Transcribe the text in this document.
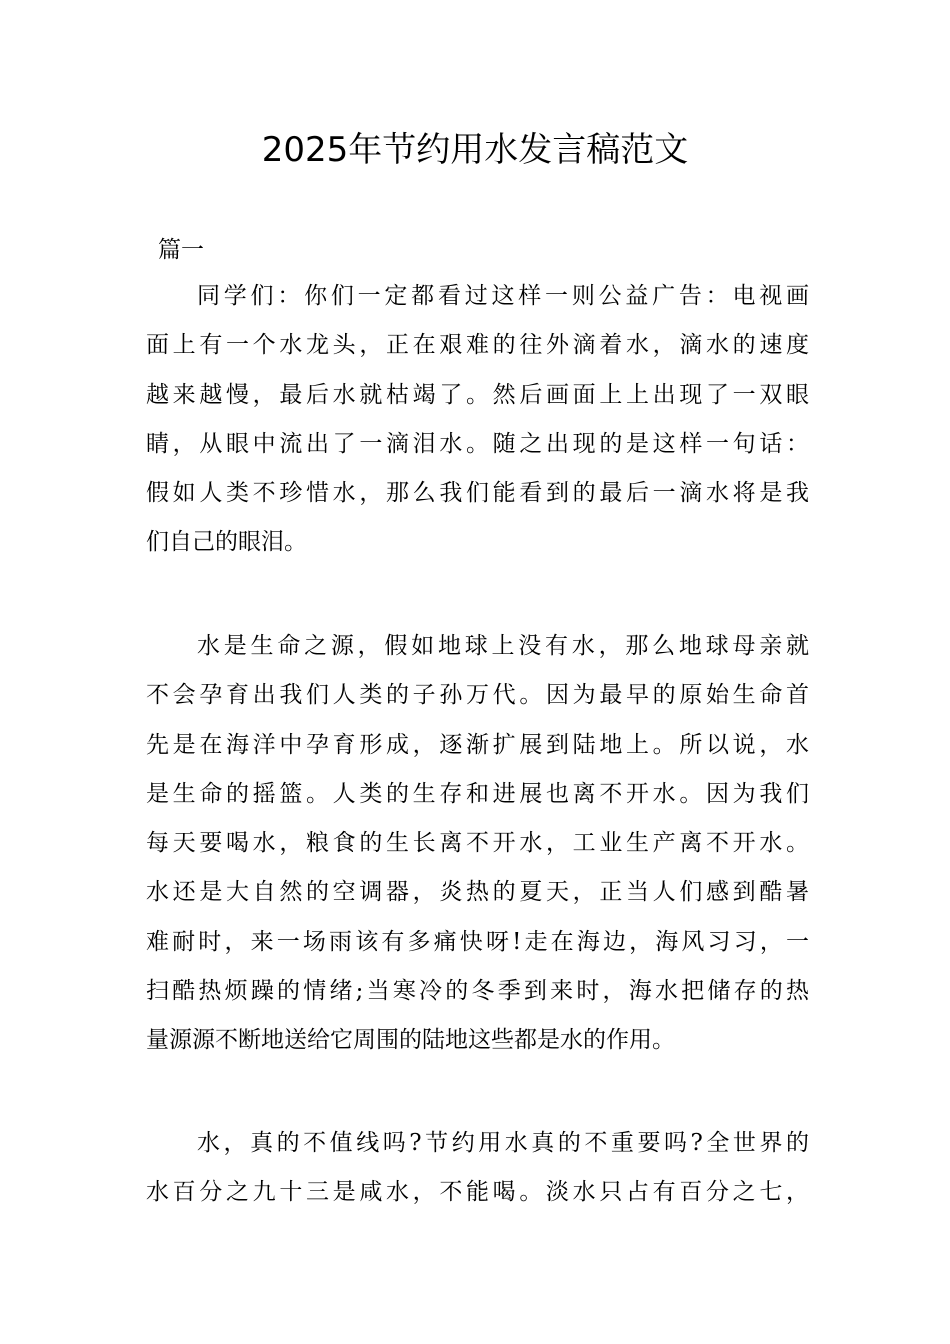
2025年节约用水发言稿范文
篇一
同学们：你们一定都看过这样一则公益广告：电视画
面上有一个水龙头，正在艰难的往外滴着水，滴水的速度
越来越慢，最后水就枯竭了。然后画面上上出现了一双眼
睛，从眼中流出了一滴泪水。随之出现的是这样一句话：
假如人类不珍惜水，那么我们能看到的最后一滴水将是我
们自己的眼泪。
水是生命之源，假如地球上没有水，那么地球母亲就
不会孕育出我们人类的子孙万代。因为最早的原始生命首
先是在海洋中孕育形成，逐渐扩展到陆地上。所以说，水
是生命的摇篮。人类的生存和进展也离不开水。因为我们
每天要喝水，粮食的生长离不开水，工业生产离不开水。
水还是大自然的空调器，炎热的夏天，正当人们感到酷暑
难耐时，来一场雨该有多痛快呀!走在海边，海风习习，一
扫酷热烦躁的情绪;当寒冷的冬季到来时，海水把储存的热
量源源不断地送给它周围的陆地这些都是水的作用。
水，真的不值线吗?节约用水真的不重要吗?全世界的
水百分之九十三是咸水，不能喝。淡水只占有百分之七，
